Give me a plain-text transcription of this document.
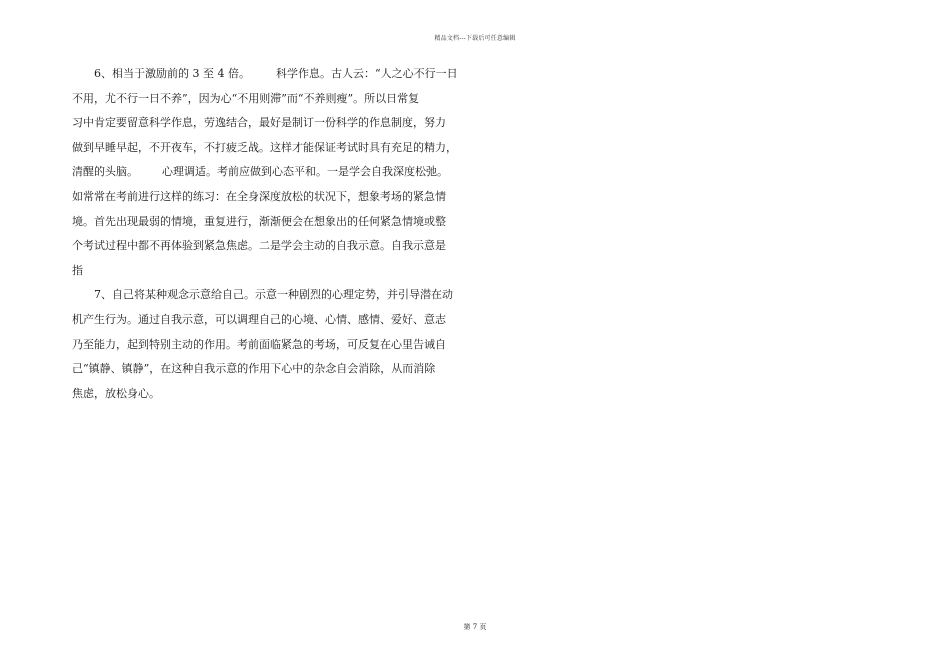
精品文档---下载后可任意编辑

6、相当于激励前的 3 至 4 倍。 科学作息。古人云：“人之心不行一日
不用，尤不行一日不养”，因为心“不用则滞”而“不养则瘦”。所以日常复
习中肯定要留意科学作息，劳逸结合，最好是制订一份科学的作息制度，努力
做到早睡早起，不开夜车，不打疲乏战。这样才能保证考试时具有充足的精力，
清醒的头脑。 心理调适。考前应做到心态平和。一是学会自我深度松弛。
如常常在考前进行这样的练习：在全身深度放松的状况下，想象考场的紧急情
境。首先出现最弱的情境，重复进行，渐渐便会在想象出的任何紧急情境或整
个考试过程中都不再体验到紧急焦虑。二是学会主动的自我示意。自我示意是
指

7、自己将某种观念示意给自己。示意一种剧烈的心理定势，并引导潜在动
机产生行为。通过自我示意，可以调理自己的心境、心情、感情、爱好、意志
乃至能力，起到特别主动的作用。考前面临紧急的考场，可反复在心里告诫自
己“镇静、镇静”，在这种自我示意的作用下心中的杂念自会消除，从而消除
焦虑，放松身心。

第 7 页
